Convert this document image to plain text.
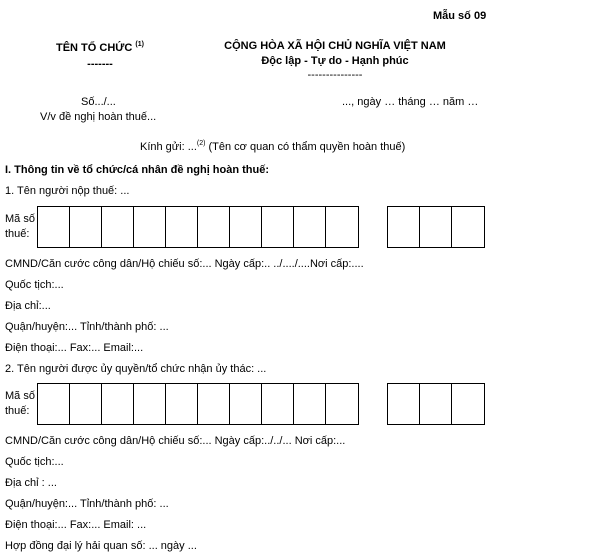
Mẫu số 09
TÊN TỔ CHỨC $^{(1)}$
-------
CỘNG HÒA XÃ HỘI CHỦ NGHĨA VIỆT NAM
Độc lập - Tự do - Hạnh phúc
---------------
Số.../...
V/v đề nghị hoàn thuế...
..., ngày … tháng … năm …
Kính gửi: ...$^{(2)}$ (Tên cơ quan có thẩm quyền hoàn thuế)
I. Thông tin về tổ chức/cá nhân đề nghị hoàn thuế:
1. Tên người nộp thuế: ...
Mã số thuế:
CMND/Căn cước công dân/Hộ chiếu số:... Ngày cấp:.. ../..../....Nơi cấp:....
Quốc tịch:...
Địa chỉ:...
Quận/huyện:... Tỉnh/thành phố: ...
Điện thoại:... Fax:... Email:...
2. Tên người được ủy quyền/tổ chức nhận ủy thác: ...
Mã số thuế:
CMND/Căn cước công dân/Hộ chiếu số:... Ngày cấp:../../... Nơi cấp:...
Quốc tịch:...
Địa chỉ : ...
Quận/huyện:... Tỉnh/thành phố: ...
Điện thoại:... Fax:... Email: ...
Hợp đồng đại lý hải quan số: ... ngày ...
